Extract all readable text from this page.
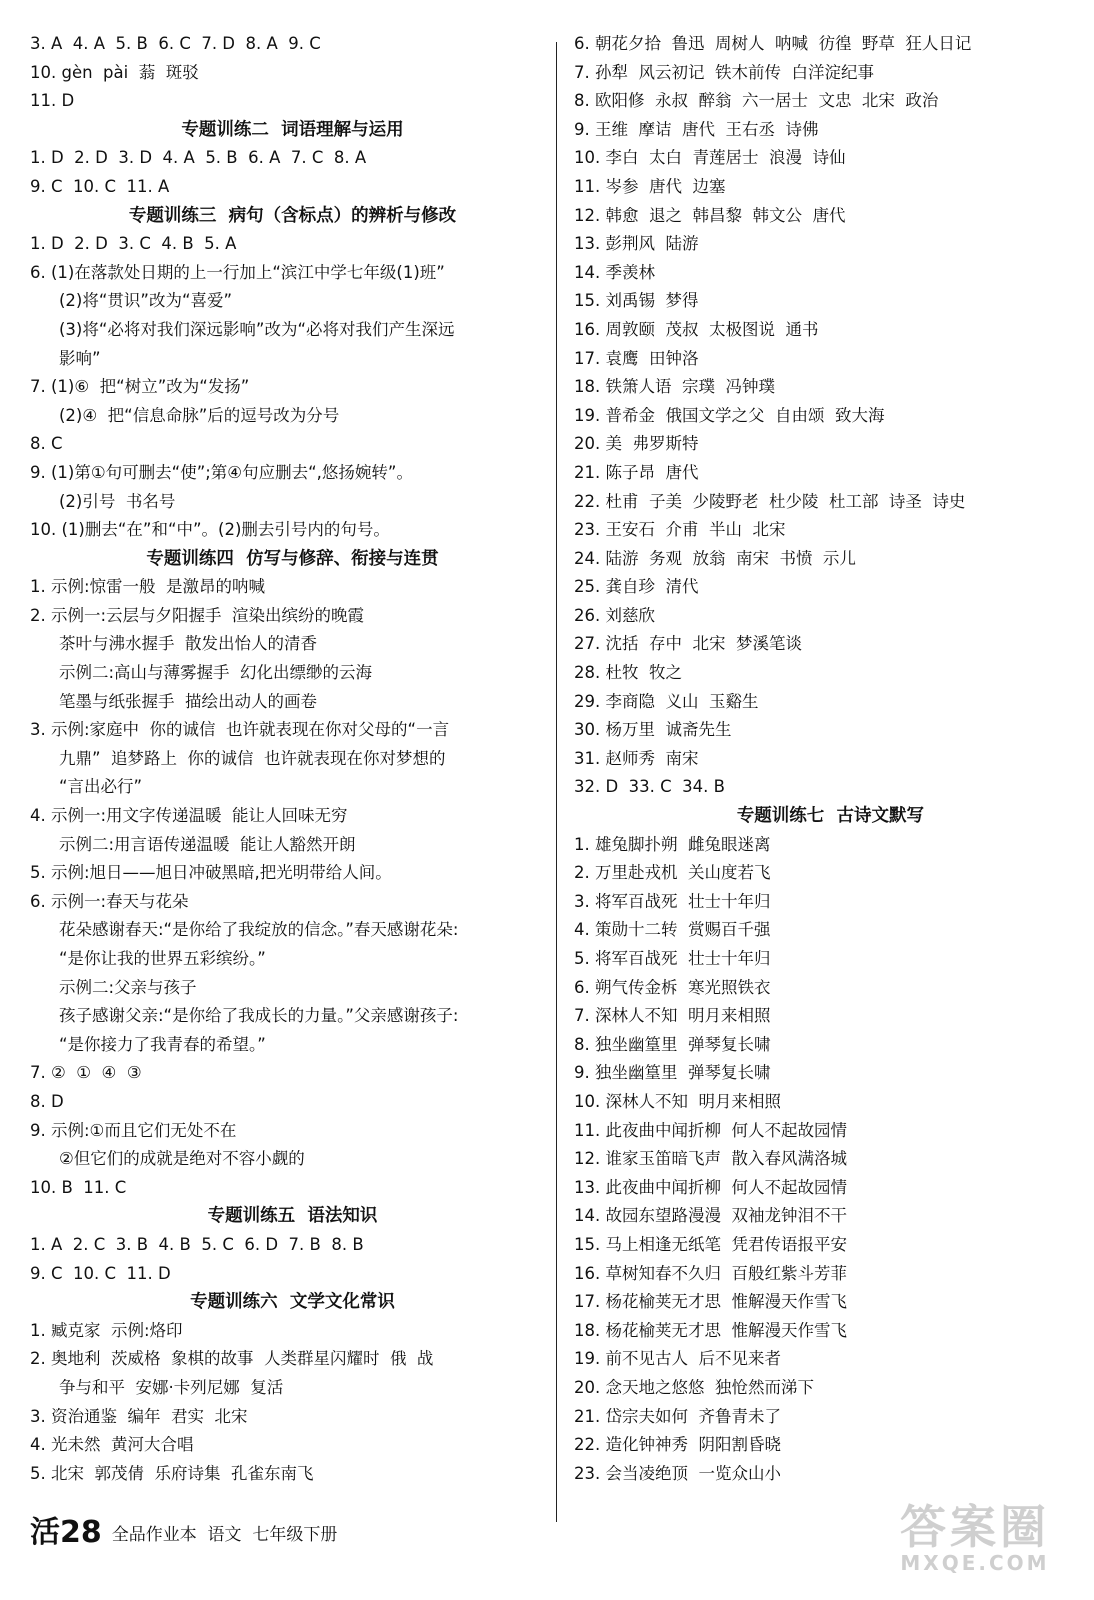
3. A  4. A  5. B  6. C  7. D  8. A  9. C
10. gèn  pài  蓊  斑驳
11. D
专题训练二  词语理解与运用
1. D  2. D  3. D  4. A  5. B  6. A  7. C  8. A
9. C  10. C  11. A
专题训练三  病句（含标点）的辨析与修改
1. D  2. D  3. C  4. B  5. A
6. (1)在落款处日期的上一行加上“滨江中学七年级(1)班”
(2)将“贯识”改为“喜爱”
(3)将“必将对我们深远影响”改为“必将对我们产生深远
影响”
7. (1)⑥  把“树立”改为“发扬”
(2)④  把“信息命脉”后的逗号改为分号
8. C
9. (1)第①句可删去“使”;第④句应删去“,悠扬婉转”。
(2)引号  书名号
10. (1)删去“在”和“中”。(2)删去引号内的句号。
专题训练四  仿写与修辞、衔接与连贯
1. 示例:惊雷一般  是激昂的呐喊
2. 示例一:云层与夕阳握手  渲染出缤纷的晚霞
茶叶与沸水握手  散发出怡人的清香
示例二:高山与薄雾握手  幻化出缥缈的云海
笔墨与纸张握手  描绘出动人的画卷
3. 示例:家庭中  你的诚信  也许就表现在你对父母的“一言
九鼎”  追梦路上  你的诚信  也许就表现在你对梦想的
“言出必行”
4. 示例一:用文字传递温暖  能让人回味无穷
示例二:用言语传递温暖  能让人豁然开朗
5. 示例:旭日——旭日冲破黑暗,把光明带给人间。
6. 示例一:春天与花朵
花朵感谢春天:“是你给了我绽放的信念。”春天感谢花朵:
“是你让我的世界五彩缤纷。”
示例二:父亲与孩子
孩子感谢父亲:“是你给了我成长的力量。”父亲感谢孩子:
“是你接力了我青春的希望。”
7. ②  ①  ④  ③
8. D
9. 示例:①而且它们无处不在
②但它们的成就是绝对不容小觑的
10. B  11. C
专题训练五  语法知识
1. A  2. C  3. B  4. B  5. C  6. D  7. B  8. B
9. C  10. C  11. D
专题训练六  文学文化常识
1. 臧克家  示例:烙印
2. 奥地利  茨威格  象棋的故事  人类群星闪耀时  俄  战
争与和平  安娜·卡列尼娜  复活
3. 资治通鉴  编年  君实  北宋
4. 光未然  黄河大合唱
5. 北宋  郭茂倩  乐府诗集  孔雀东南飞
6. 朝花夕拾  鲁迅  周树人  呐喊  彷徨  野草  狂人日记
7. 孙犁  风云初记  铁木前传  白洋淀纪事
8. 欧阳修  永叔  醉翁  六一居士  文忠  北宋  政治
9. 王维  摩诘  唐代  王右丞  诗佛
10. 李白  太白  青莲居士  浪漫  诗仙
11. 岑参  唐代  边塞
12. 韩愈  退之  韩昌黎  韩文公  唐代
13. 彭荆风  陆游
14. 季羡林
15. 刘禹锡  梦得
16. 周敦颐  茂叔  太极图说  通书
17. 袁鹰  田钟洛
18. 铁箫人语  宗璞  冯钟璞
19. 普希金  俄国文学之父  自由颂  致大海
20. 美  弗罗斯特
21. 陈子昂  唐代
22. 杜甫  子美  少陵野老  杜少陵  杜工部  诗圣  诗史
23. 王安石  介甫  半山  北宋
24. 陆游  务观  放翁  南宋  书愤  示儿
25. 龚自珍  清代
26. 刘慈欣
27. 沈括  存中  北宋  梦溪笔谈
28. 杜牧  牧之
29. 李商隐  义山  玉谿生
30. 杨万里  诚斋先生
31. 赵师秀  南宋
32. D  33. C  34. B
专题训练七  古诗文默写
1. 雄兔脚扑朔  雌兔眼迷离
2. 万里赴戎机  关山度若飞
3. 将军百战死  壮士十年归
4. 策勋十二转  赏赐百千强
5. 将军百战死  壮士十年归
6. 朔气传金柝  寒光照铁衣
7. 深林人不知  明月来相照
8. 独坐幽篁里  弹琴复长啸
9. 独坐幽篁里  弹琴复长啸
10. 深林人不知  明月来相照
11. 此夜曲中闻折柳  何人不起故园情
12. 谁家玉笛暗飞声  散入春风满洛城
13. 此夜曲中闻折柳  何人不起故园情
14. 故园东望路漫漫  双袖龙钟泪不干
15. 马上相逢无纸笔  凭君传语报平安
16. 草树知春不久归  百般红紫斗芳菲
17. 杨花榆荚无才思  惟解漫天作雪飞
18. 杨花榆荚无才思  惟解漫天作雪飞
19. 前不见古人  后不见来者
20. 念天地之悠悠  独怆然而涕下
21. 岱宗夫如何  齐鲁青未了
22. 造化钟神秀  阴阳割昏晓
23. 会当凌绝顶  一览众山小
活28 全品作业本  语文  七年级下册	答案圈
MXQE.COM
